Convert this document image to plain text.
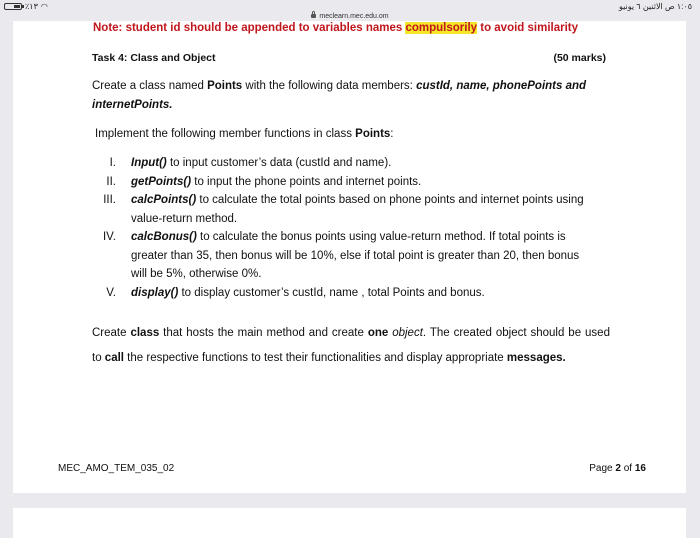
٪١٣ ◠	١:٠٥ ص الاثنين ٦ يونيو
meclearn.mec.edu.om
Note: student id should be appended to variables names compulsorily to avoid similarity
Task 4: Class and Object	(50 marks)
Create a class named Points with the following data members: custId, name, phonePoints and internetPoints.
Implement the following member functions in class Points:
I.	Input() to input customer’s data (custId and name).
II.	getPoints() to input the phone points and internet points.
III.	calcPoints() to calculate the total points based on phone points and internet points using value-return method.
IV.	calcBonus() to calculate the bonus points using value-return method. If total points is greater than 35, then bonus will be 10%, else if total point is greater than 20, then bonus will be 5%, otherwise 0%.
V.	display() to display customer’s custId, name , total Points and bonus.
Create class that hosts the main method and create one object. The created object should be used to call the respective functions to test their functionalities and display appropriate messages.
MEC_AMO_TEM_035_02	Page 2 of 16
